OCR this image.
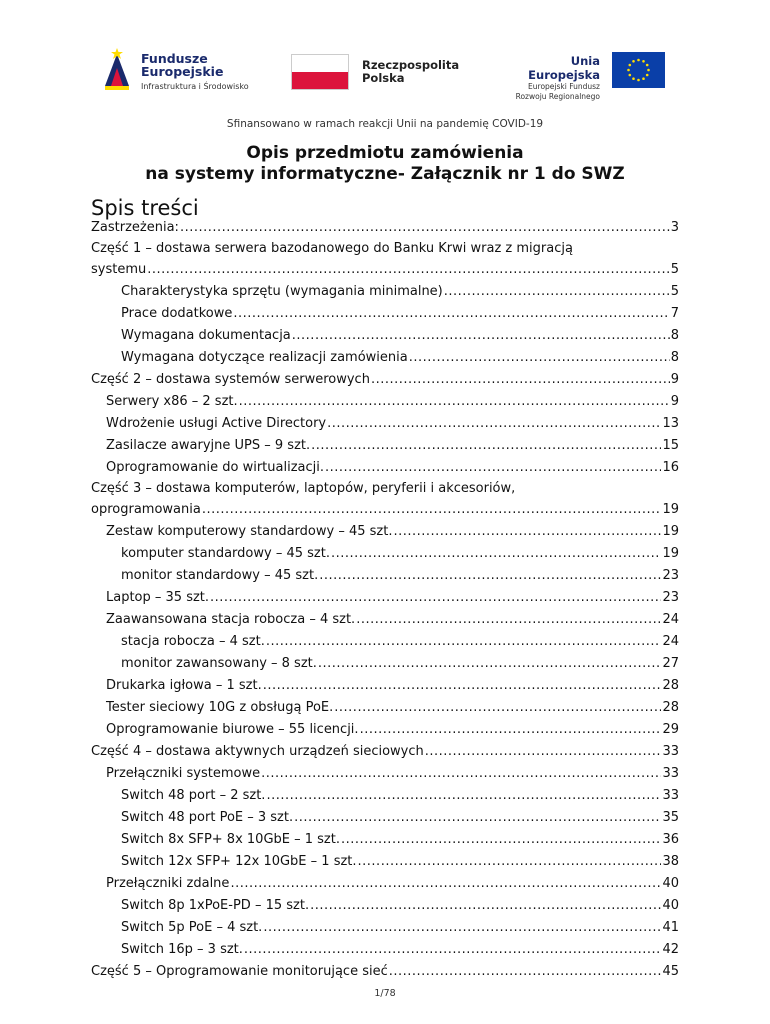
Fundusze
Europejskie
Infrastruktura i Środowisko
Rzeczpospolita
Polska
Unia Europejska
Europejski Fundusz
Rozwoju Regionalnego
Sfinansowano w ramach reakcji Unii na pandemię COVID-19
Opis przedmiotu zamówienia
na systemy informatyczne- Załącznik nr 1 do SWZ
Spis treści
Zastrzeżenia: .....	3
Część 1 – dostawa serwera bazodanowego do Banku Krwi wraz z migracją
systemu .....	5
Charakterystyka sprzętu (wymagania minimalne) .....	5
Prace dodatkowe .....	7
Wymagana dokumentacja .....	8
Wymagana dotyczące realizacji zamówienia .....	8
Część 2 – dostawa systemów serwerowych .....	9
Serwery x86 – 2 szt. .....	9
Wdrożenie usługi Active Directory .....	13
Zasilacze awaryjne UPS – 9 szt. .....	15
Oprogramowanie do wirtualizacji. .....	16
Część 3 – dostawa komputerów, laptopów, peryferii i akcesoriów,
oprogramowania .....	19
Zestaw komputerowy standardowy – 45 szt. .....	19
komputer standardowy – 45 szt. .....	19
monitor standardowy – 45 szt. .....	23
Laptop – 35 szt. .....	23
Zaawansowana stacja robocza – 4 szt. .....	24
stacja robocza – 4 szt. .....	24
monitor zawansowany – 8 szt. .....	27
Drukarka igłowa – 1 szt. .....	28
Tester sieciowy 10G z obsługą PoE. .....	28
Oprogramowanie biurowe – 55 licencji. .....	29
Część 4 – dostawa aktywnych urządzeń sieciowych .....	33
Przełączniki systemowe .....	33
Switch 48 port – 2 szt. .....	33
Switch 48 port PoE – 3 szt. .....	35
Switch 8x SFP+ 8x 10GbE – 1 szt. .....	36
Switch 12x SFP+ 12x 10GbE – 1 szt. .....	38
Przełączniki zdalne .....	40
Switch 8p 1xPoE-PD – 15 szt. .....	40
Switch 5p PoE – 4 szt. .....	41
Switch 16p – 3 szt. .....	42
Część 5 – Oprogramowanie monitorujące sieć .....	45
1/78
